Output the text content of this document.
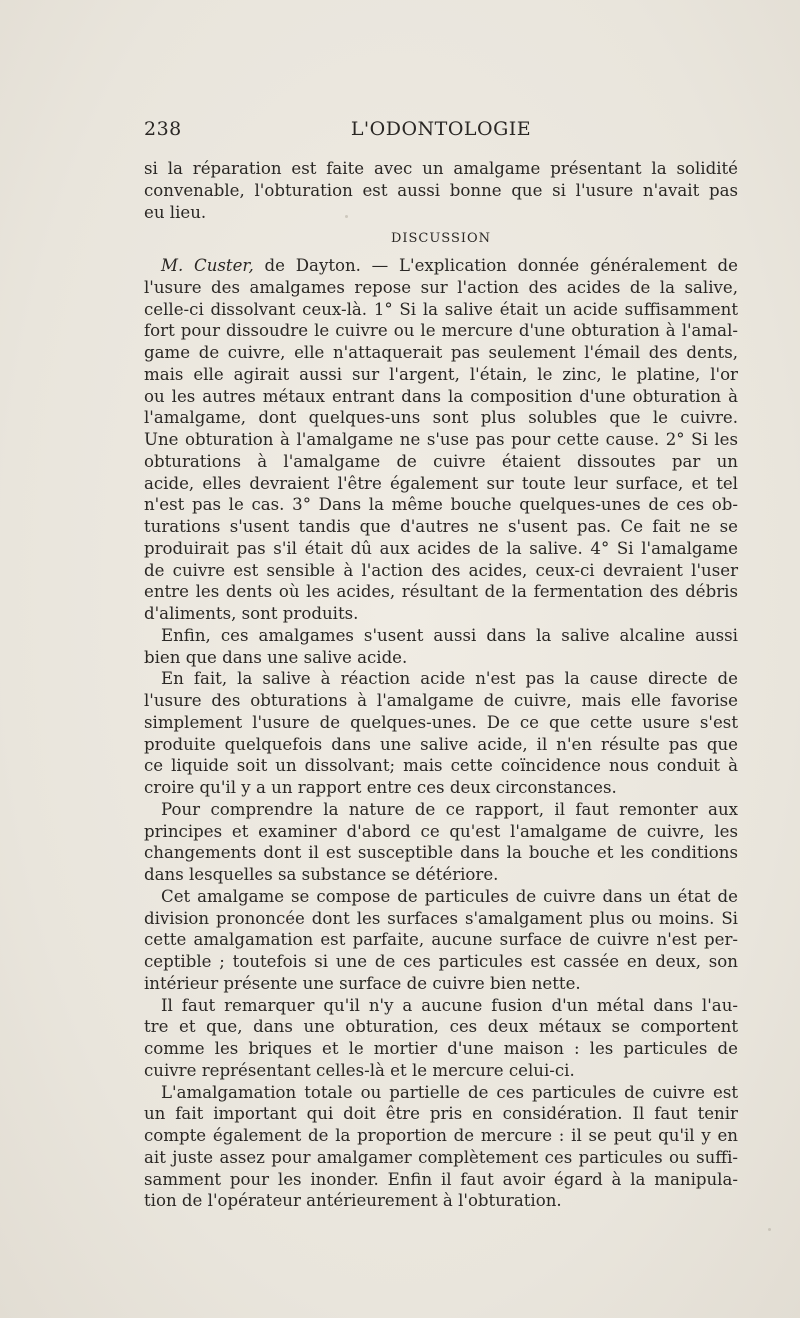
238	L'ODONTOLOGIE
si la réparation est faite avec un amalgame présentant la solidité
convenable, l'obturation est aussi bonne que si l'usure n'avait pas
eu lieu.
DISCUSSION
M. Custer, de Dayton. — L'explication donnée généralement de
l'usure des amalgames repose sur l'action des acides de la salive,
celle-ci dissolvant ceux-là. 1° Si la salive était un acide suffisamment
fort pour dissoudre le cuivre ou le mercure d'une obturation à l'amal-
game de cuivre, elle n'attaquerait pas seulement l'émail des dents,
mais elle agirait aussi sur l'argent, l'étain, le zinc, le platine, l'or
ou les autres métaux entrant dans la composition d'une obturation à
l'amalgame, dont quelques-uns sont plus solubles que le cuivre.
Une obturation à l'amalgame ne s'use pas pour cette cause. 2° Si les
obturations à l'amalgame de cuivre étaient dissoutes par un
acide, elles devraient l'être également sur toute leur surface, et tel
n'est pas le cas. 3° Dans la même bouche quelques-unes de ces ob-
turations s'usent tandis que d'autres ne s'usent pas. Ce fait ne se
produirait pas s'il était dû aux acides de la salive. 4° Si l'amalgame
de cuivre est sensible à l'action des acides, ceux-ci devraient l'user
entre les dents où les acides, résultant de la fermentation des débris
d'aliments, sont produits.
Enfin, ces amalgames s'usent aussi dans la salive alcaline aussi
bien que dans une salive acide.
En fait, la salive à réaction acide n'est pas la cause directe de
l'usure des obturations à l'amalgame de cuivre, mais elle favorise
simplement l'usure de quelques-unes. De ce que cette usure s'est
produite quelquefois dans une salive acide, il n'en résulte pas que
ce liquide soit un dissolvant; mais cette coïncidence nous conduit à
croire qu'il y a un rapport entre ces deux circonstances.
Pour comprendre la nature de ce rapport, il faut remonter aux
principes et examiner d'abord ce qu'est l'amalgame de cuivre, les
changements dont il est susceptible dans la bouche et les conditions
dans lesquelles sa substance se détériore.
Cet amalgame se compose de particules de cuivre dans un état de
division prononcée dont les surfaces s'amalgament plus ou moins. Si
cette amalgamation est parfaite, aucune surface de cuivre n'est per-
ceptible ; toutefois si une de ces particules est cassée en deux, son
intérieur présente une surface de cuivre bien nette.
Il faut remarquer qu'il n'y a aucune fusion d'un métal dans l'au-
tre et que, dans une obturation, ces deux métaux se comportent
comme les briques et le mortier d'une maison : les particules de
cuivre représentant celles-là et le mercure celui-ci.
L'amalgamation totale ou partielle de ces particules de cuivre est
un fait important qui doit être pris en considération. Il faut tenir
compte également de la proportion de mercure : il se peut qu'il y en
ait juste assez pour amalgamer complètement ces particules ou suffi-
samment pour les inonder. Enfin il faut avoir égard à la manipula-
tion de l'opérateur antérieurement à l'obturation.
